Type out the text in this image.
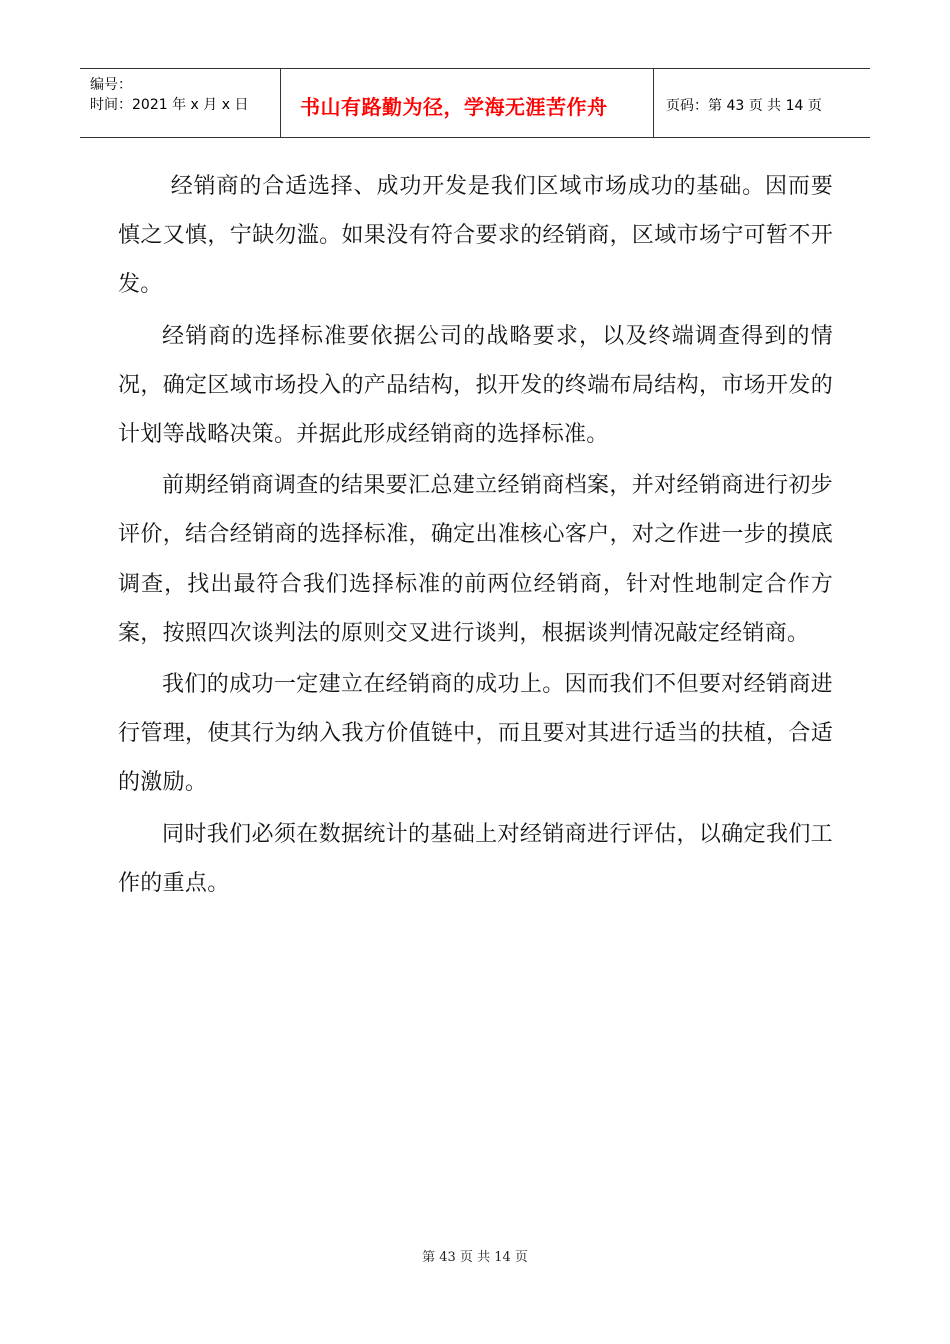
编号：
时间：2021 年 x 月 x 日	书山有路勤为径，学海无涯苦作舟	页码：第 43 页 共 14 页

经销商的合适选择、成功开发是我们区域市场成功的基础。因而要慎之又慎，宁缺勿滥。如果没有符合要求的经销商，区域市场宁可暂不开发。

经销商的选择标准要依据公司的战略要求，以及终端调查得到的情况，确定区域市场投入的产品结构，拟开发的终端布局结构，市场开发的计划等战略决策。并据此形成经销商的选择标准。

前期经销商调查的结果要汇总建立经销商档案，并对经销商进行初步评价，结合经销商的选择标准，确定出准核心客户，对之作进一步的摸底调查，找出最符合我们选择标准的前两位经销商，针对性地制定合作方案，按照四次谈判法的原则交叉进行谈判，根据谈判情况敲定经销商。

我们的成功一定建立在经销商的成功上。因而我们不但要对经销商进行管理，使其行为纳入我方价值链中，而且要对其进行适当的扶植，合适的激励。

同时我们必须在数据统计的基础上对经销商进行评估，以确定我们工作的重点。

第 43 页 共 14 页
